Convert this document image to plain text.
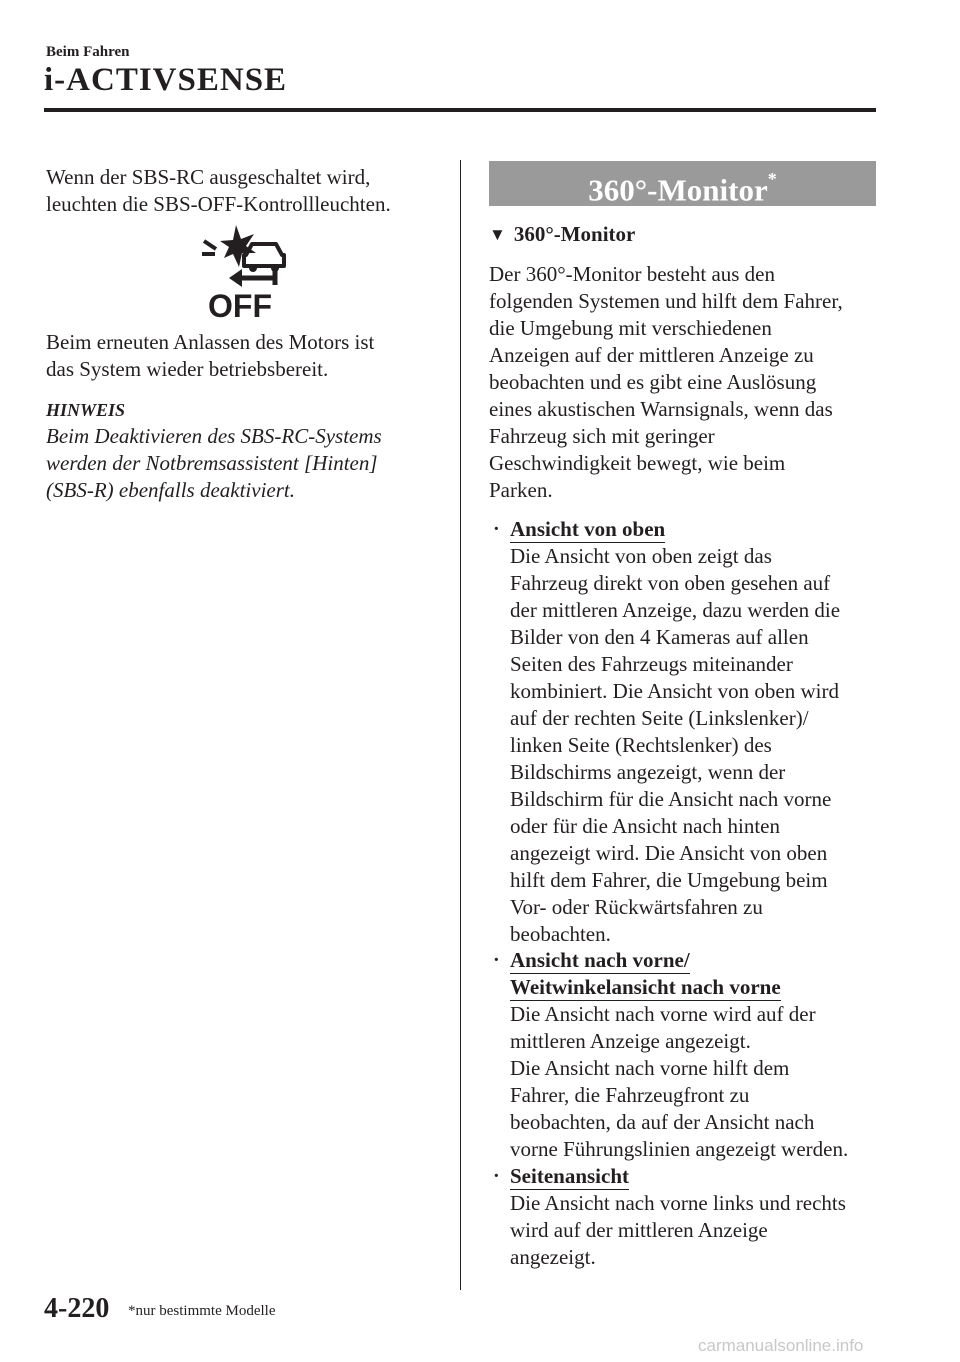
Beim Fahren
i-ACTIVSENSE

Wenn der SBS-RC ausgeschaltet wird,
leuchten die SBS-OFF-Kontrollleuchten.

OFF

Beim erneuten Anlassen des Motors ist
das System wieder betriebsbereit.

HINWEIS

Beim Deaktivieren des SBS-RC-Systems
werden der Notbremsassistent [Hinten]
(SBS-R) ebenfalls deaktiviert.

360°-Monitor*
▼ 360°-Monitor

Der 360°-Monitor besteht aus den
folgenden Systemen und hilft dem Fahrer,
die Umgebung mit verschiedenen
Anzeigen auf der mittleren Anzeige zu
beobachten und es gibt eine Auslösung
eines akustischen Warnsignals, wenn das
Fahrzeug sich mit geringer
Geschwindigkeit bewegt, wie beim
Parken.

· Ansicht von oben

Die Ansicht von oben zeigt das
Fahrzeug direkt von oben gesehen auf
der mittleren Anzeige, dazu werden die
Bilder von den 4 Kameras auf allen
Seiten des Fahrzeugs miteinander
kombiniert. Die Ansicht von oben wird
auf der rechten Seite (Linkslenker)/
linken Seite (Rechtslenker) des
Bildschirms angezeigt, wenn der
Bildschirm für die Ansicht nach vorne
oder für die Ansicht nach hinten
angezeigt wird. Die Ansicht von oben
hilft dem Fahrer, die Umgebung beim
Vor- oder Rückwärtsfahren zu
beobachten.

· Ansicht nach vorne/
Weitwinkelansicht nach vorne

Die Ansicht nach vorne wird auf der
mittleren Anzeige angezeigt.
Die Ansicht nach vorne hilft dem
Fahrer, die Fahrzeugfront zu
beobachten, da auf der Ansicht nach
vorne Führungslinien angezeigt werden.

· Seitenansicht

Die Ansicht nach vorne links und rechts
wird auf der mittleren Anzeige
angezeigt.

4-220 *nur bestimmte Modelle
carmanualsonline.info
